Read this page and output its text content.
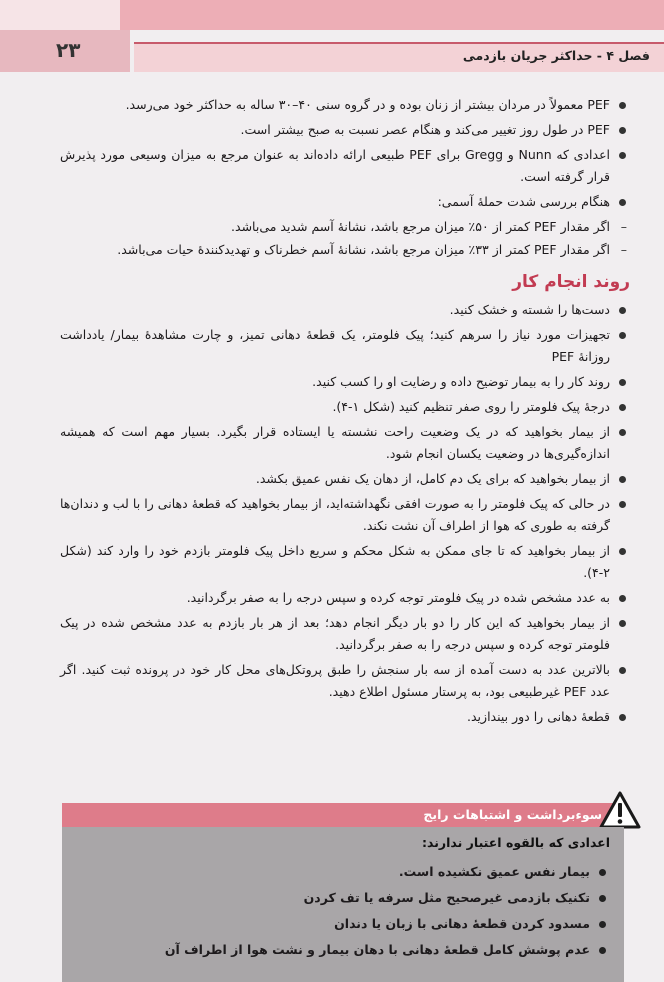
۲۳	فصل ۴ - حداکثر جریان بازدمی
PEF معمولاً در مردان بیشتر از زنان بوده و در گروه سنی ۴۰–۳۰ ساله به حداکثر خود می‌رسد.
PEF در طول روز تغییر می‌کند و هنگام عصر نسبت به صبح بیشتر است.
اعدادی که Nunn و Gregg برای PEF طبیعی ارائه داده‌اند به عنوان مرجع به میزان وسیعی مورد پذیرش قرار گرفته است.
هنگام بررسی شدت حملهٔ آسمی:
– اگر مقدار PEF کمتر از ۵۰٪ میزان مرجع باشد، نشانهٔ آسم شدید می‌باشد.
– اگر مقدار PEF کمتر از ۳۳٪ میزان مرجع باشد، نشانهٔ آسم خطرناک و تهدیدکنندهٔ حیات می‌باشد.
روند انجام کار
دست‌ها را شسته و خشک کنید.
تجهیزات مورد نیاز را سرهم کنید؛ پیک فلومتر، یک قطعهٔ دهانی تمیز، و چارت مشاهدهٔ بیمار/ یادداشت روزانهٔ PEF
روند کار را به بیمار توضیح داده و رضایت او را کسب کنید.
درجهٔ پیک فلومتر را روی صفر تنظیم کنید (شکل ۱-۴).
از بیمار بخواهید که در یک وضعیت راحت نشسته یا ایستاده قرار بگیرد. بسیار مهم است که همیشه اندازه‌گیری‌ها در وضعیت یکسان انجام شود.
از بیمار بخواهید که برای یک دم کامل، از دهان یک نفس عمیق بکشد.
در حالی که پیک فلومتر را به صورت افقی نگهداشته‌اید، از بیمار بخواهید که قطعهٔ دهانی را با لب و دندان‌ها گرفته به طوری که هوا از اطراف آن نشت نکند.
از بیمار بخواهید که تا جای ممکن به شکل محکم و سریع داخل پیک فلومتر بازدم خود را وارد کند (شکل ۲-۴).
به عدد مشخص شده در پیک فلومتر توجه کرده و سپس درجه را به صفر برگردانید.
از بیمار بخواهید که این کار را دو بار دیگر انجام دهد؛ بعد از هر بار بازدم به عدد مشخص شده در پیک فلومتر توجه کرده و سپس درجه را به صفر برگردانید.
بالاترین عدد به دست آمده از سه بار سنجش را طبق پروتکل‌های محل کار خود در پرونده ثبت کنید. اگر عدد PEF غیرطبیعی بود، به پرستار مسئول اطلاع دهید.
قطعهٔ دهانی را دور بیندازید.
سوءبرداشت و اشتباهات رایج
اعدادی که بالقوه اعتبار ندارند:
بیمار نفس عمیق نکشیده است.
تکنیک بازدمی غیرصحیح مثل سرفه یا تف کردن
مسدود کردن قطعهٔ دهانی با زبان یا دندان
عدم پوشش کامل قطعهٔ دهانی با دهان بیمار و نشت هوا از اطراف آن
